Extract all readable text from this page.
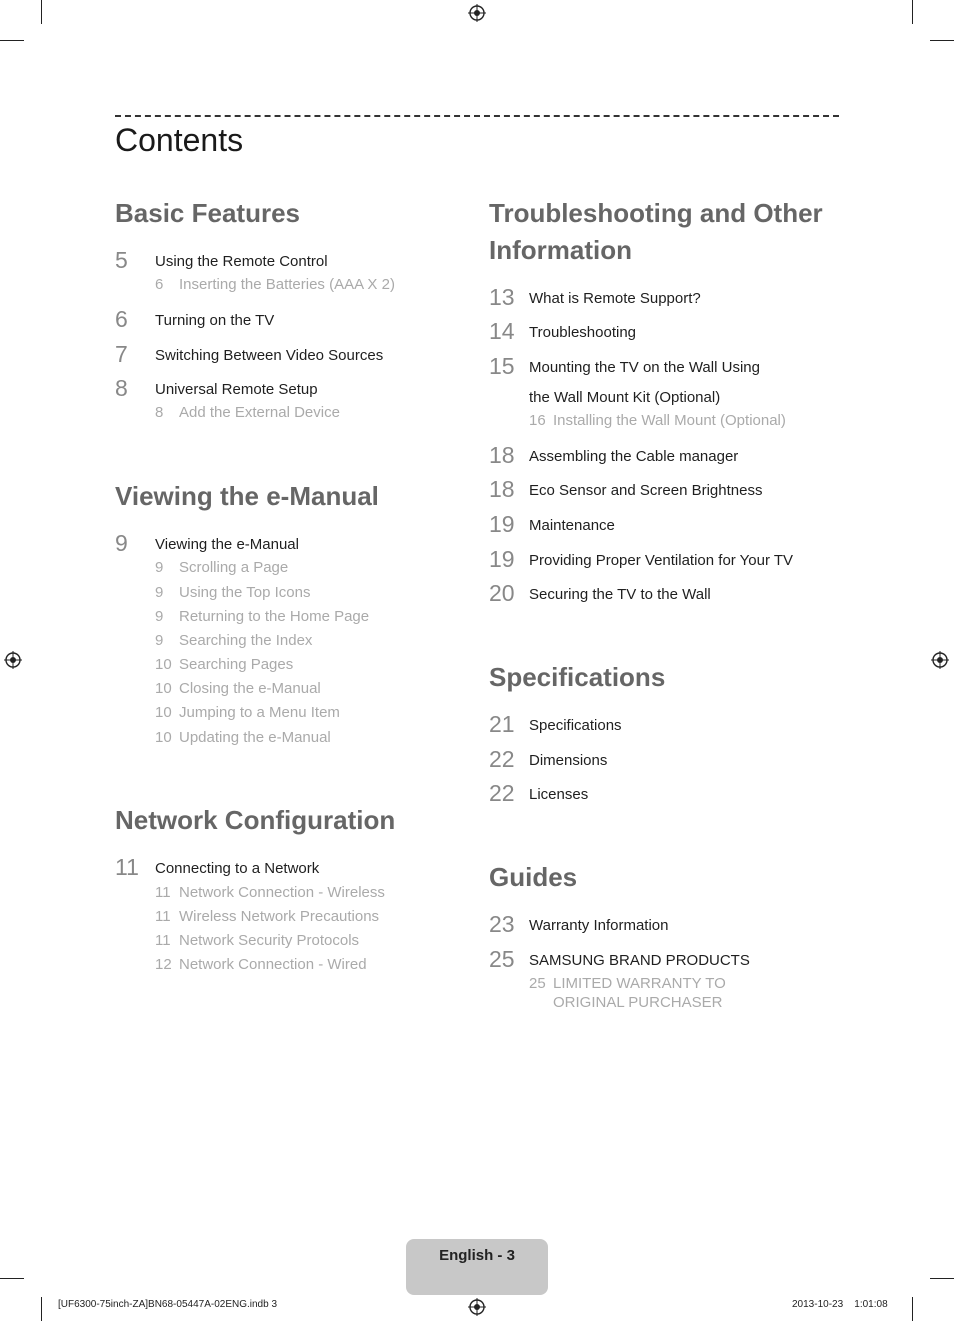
Contents
Basic Features
5 Using the Remote Control
6 Inserting the Batteries (AAA X 2)
6 Turning on the TV
7 Switching Between Video Sources
8 Universal Remote Setup
8 Add the External Device
Viewing the e-Manual
9 Viewing the e-Manual
9 Scrolling a Page
9 Using the Top Icons
9 Returning to the Home Page
9 Searching the Index
10 Searching Pages
10 Closing the e-Manual
10 Jumping to a Menu Item
10 Updating the e-Manual
Network Configuration
11 Connecting to a Network
11 Network Connection - Wireless
11 Wireless Network Precautions
11 Network Security Protocols
12 Network Connection - Wired
Troubleshooting and Other
Information
13 What is Remote Support?
14 Troubleshooting
15 Mounting the TV on the Wall Using
the Wall Mount Kit (Optional)
16 Installing the Wall Mount (Optional)
18 Assembling the Cable manager
18 Eco Sensor and Screen Brightness
19 Maintenance
19 Providing Proper Ventilation for Your TV
20 Securing the TV to the Wall
Specifications
21 Specifications
22 Dimensions
22 Licenses
Guides
23 Warranty Information
25 SAMSUNG BRAND PRODUCTS
25 LIMITED WARRANTY TO
ORIGINAL PURCHASER
English - 3
[UF6300-75inch-ZA]BN68-05447A-02ENG.indb 3	2013-10-23    1:01:08
